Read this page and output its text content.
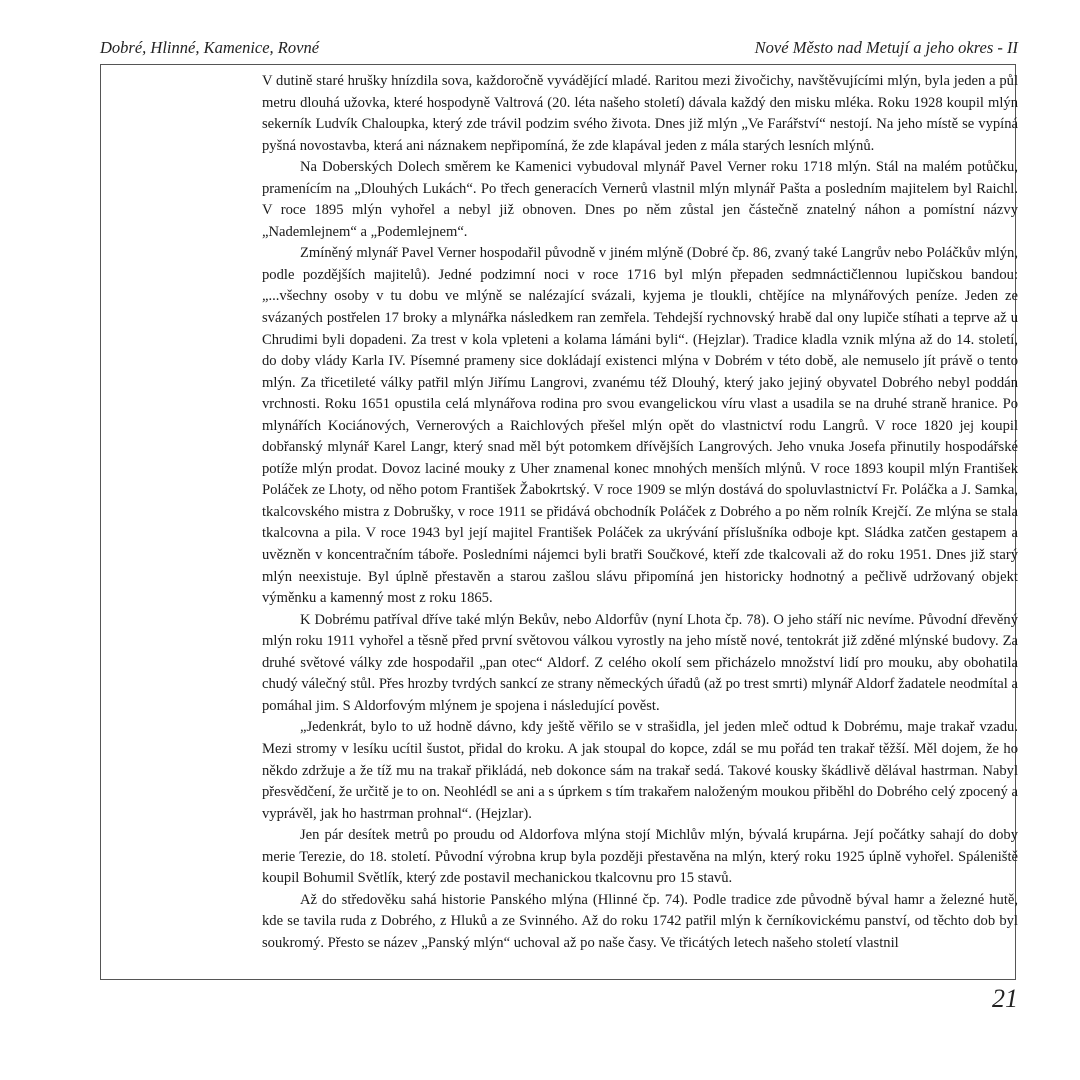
Dobré, Hlinné, Kamenice, Rovné	Nové Město nad Metují a jeho okres - II

V dutině staré hrušky hnízdila sova, každoročně vyvádějící mladé. Raritou mezi živočichy, navštěvujícími mlýn, byla jeden a půl metru dlouhá užovka, které hospodyně Valtrová (20. léta našeho století) dávala každý den misku mléka. Roku 1928 koupil mlýn sekerník Ludvík Chaloupka, který zde trávil podzim svého života. Dnes již mlýn „Ve Farářství“ nestojí. Na jeho místě se vypíná pyšná novostavba, která ani náznakem nepřipomíná, že zde klapával jeden z mála starých lesních mlýnů.

Na Doberských Dolech směrem ke Kamenici vybudoval mlynář Pavel Verner roku 1718 mlýn. Stál na malém potůčku, pramenícím na „Dlouhých Lukách“. Po třech generacích Vernerů vlastnil mlýn mlynář Pašta a posledním majitelem byl Raichl. V roce 1895 mlýn vyhořel a nebyl již obnoven. Dnes po něm zůstal jen částečně znatelný náhon a pomístní názvy „Nademlejnem“ a „Podemlejnem“.

Zmíněný mlynář Pavel Verner hospodařil původně v jiném mlýně (Dobré čp. 86, zvaný také Langrův nebo Poláčkův mlýn, podle pozdějších majitelů). Jedné podzimní noci v roce 1716 byl mlýn přepaden sedmnáctičlennou lupičskou bandou: „...všechny osoby v tu dobu ve mlýně se nalézající svázali, kyjema je tloukli, chtějíce na mlynářových peníze. Jeden ze svázaných postřelen 17 broky a mlynářka následkem ran zemřela. Tehdejší rychnovský hrabě dal ony lupiče stíhati a teprve až u Chrudimi byli dopadeni. Za trest v kola vpleteni a kolama lámáni byli“. (Hejzlar). Tradice kladla vznik mlýna až do 14. století, do doby vlády Karla IV. Písemné prameny sice dokládají existenci mlýna v Dobrém v této době, ale nemuselo jít právě o tento mlýn. Za třicetileté války patřil mlýn Jiřímu Langrovi, zvanému též Dlouhý, který jako jejiný obyvatel Dobrého nebyl poddán vrchnosti. Roku 1651 opustila celá mlynářova rodina pro svou evangelickou víru vlast a usadila se na druhé straně hranice. Po mlynářích Kociánových, Vernerových a Raichlových přešel mlýn opět do vlastnictví rodu Langrů. V roce 1820 jej koupil dobřanský mlynář Karel Langr, který snad měl být potomkem dřívějších Langrových. Jeho vnuka Josefa přinutily hospodářské potíže mlýn prodat. Dovoz laciné mouky z Uher znamenal konec mnohých menších mlýnů. V roce 1893 koupil mlýn František Poláček ze Lhoty, od něho potom František Žabokrtský. V roce 1909 se mlýn dostává do spoluvlastnictví Fr. Poláčka a J. Samka, tkalcovského mistra z Dobrušky, v roce 1911 se přidává obchodník Poláček z Dobrého a po něm rolník Krejčí. Ze mlýna se stala tkalcovna a pila. V roce 1943 byl její majitel František Poláček za ukrývání příslušníka odboje kpt. Sládka zatčen gestapem a uvězněn v koncentračním táboře. Posledními nájemci byli bratři Součkové, kteří zde tkalcovali až do roku 1951. Dnes již starý mlýn neexistuje. Byl úplně přestavěn a starou zašlou slávu připomíná jen historicky hodnotný a pečlivě udržovaný objekt výměnku a kamenný most z roku 1865.

K Dobrému patříval dříve také mlýn Bekův, nebo Aldorfův (nyní Lhota čp. 78). O jeho stáří nic nevíme. Původní dřevěný mlýn roku 1911 vyhořel a těsně před první světovou válkou vyrostly na jeho místě nové, tentokrát již zděné mlýnské budovy. Za druhé světové války zde hospodařil „pan otec“ Aldorf. Z celého okolí sem přicházelo množství lidí pro mouku, aby obohatila chudý válečný stůl. Přes hrozby tvrdých sankcí ze strany německých úřadů (až po trest smrti) mlynář Aldorf žadatele neodmítal a pomáhal jim. S Aldorfovým mlýnem je spojena i následující pověst.

„Jedenkrát, bylo to už hodně dávno, kdy ještě věřilo se v strašidla, jel jeden mleč odtud k Dobrému, maje trakař vzadu. Mezi stromy v lesíku ucítil šustot, přidal do kroku. A jak stoupal do kopce, zdál se mu pořád ten trakař těžší. Měl dojem, že ho někdo zdržuje a že tíž mu na trakař přikládá, neb dokonce sám na trakař sedá. Takové kousky škádlivě dělával hastrman. Nabyl přesvědčení, že určitě je to on. Neohlédl se ani a s úprkem s tím trakařem naloženým moukou přiběhl do Dobrého celý zpocený a vyprávěl, jak ho hastrman prohnal“. (Hejzlar).

Jen pár desítek metrů po proudu od Aldorfova mlýna stojí Michlův mlýn, bývalá krupárna. Její počátky sahají do doby merie Terezie, do 18. století. Původní výrobna krup byla později přestavěna na mlýn, který roku 1925 úplně vyhořel. Spáleniště koupil Bohumil Světlík, který zde postavil mechanickou tkalcovnu pro 15 stavů.

Až do středověku sahá historie Panského mlýna (Hlinné čp. 74). Podle tradice zde původně býval hamr a železné hutě, kde se tavila ruda z Dobrého, z Hluků a ze Svinného. Až do roku 1742 patřil mlýn k černíkovickému panství, od těchto dob byl soukromý. Přesto se název „Panský mlýn“ uchoval až po naše časy. Ve třicátých letech našeho století vlastnil

21
